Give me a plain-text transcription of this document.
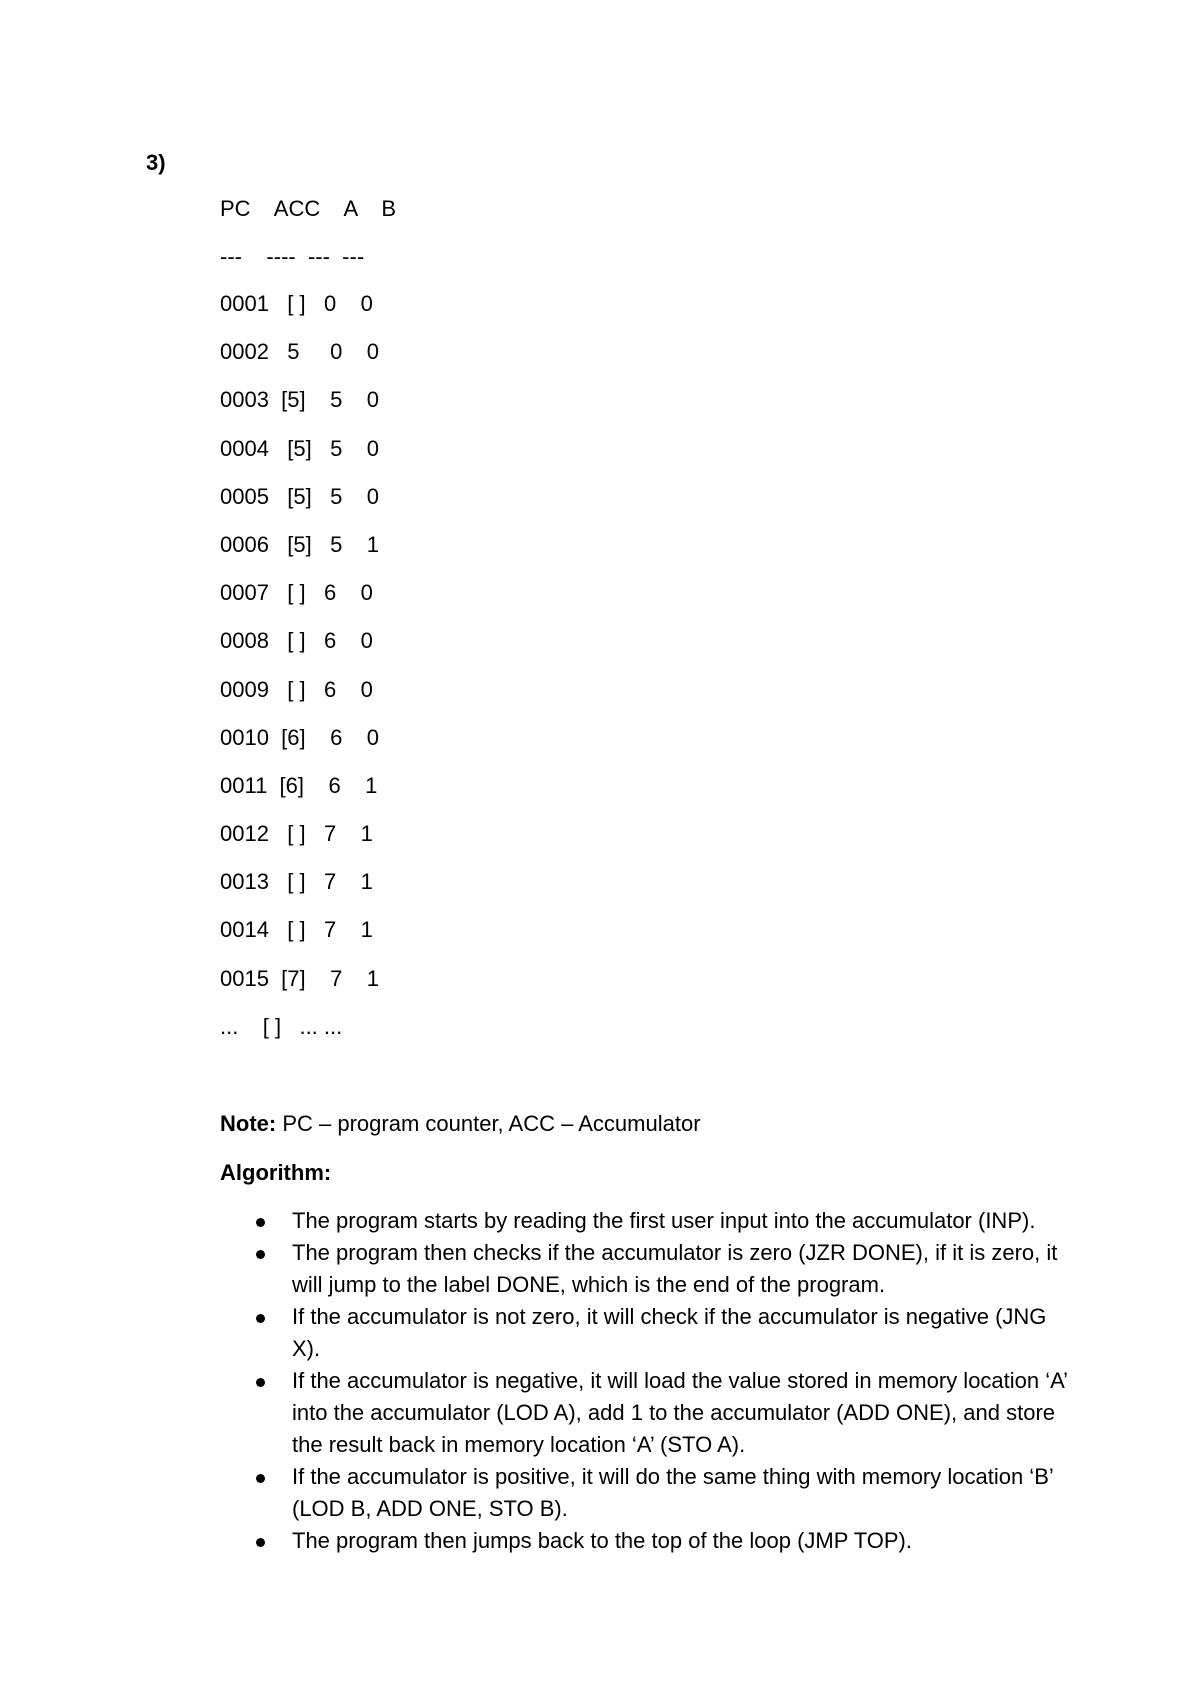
3)
PC    ACC    A    B
---    ----  ---  ---
0001   [ ]   0    0
0002   5     0    0
0003  [5]    5    0
0004   [5]   5    0
0005   [5]   5    0
0006   [5]   5    1
0007   [ ]   6    0
0008   [ ]   6    0
0009   [ ]   6    0
0010  [6]    6    0
0011  [6]    6    1
0012   [ ]   7    1
0013   [ ]   7    1
0014   [ ]   7    1
0015  [7]    7    1
...    [ ]   ... ...
Note: PC – program counter, ACC – Accumulator
Algorithm:
The program starts by reading the first user input into the accumulator (INP).
The program then checks if the accumulator is zero (JZR DONE), if it is zero, it will jump to the label DONE, which is the end of the program.
If the accumulator is not zero, it will check if the accumulator is negative (JNG X).
If the accumulator is negative, it will load the value stored in memory location ‘A’ into the accumulator (LOD A), add 1 to the accumulator (ADD ONE), and store the result back in memory location ‘A’ (STO A).
If the accumulator is positive, it will do the same thing with memory location ‘B’ (LOD B, ADD ONE, STO B).
The program then jumps back to the top of the loop (JMP TOP).
